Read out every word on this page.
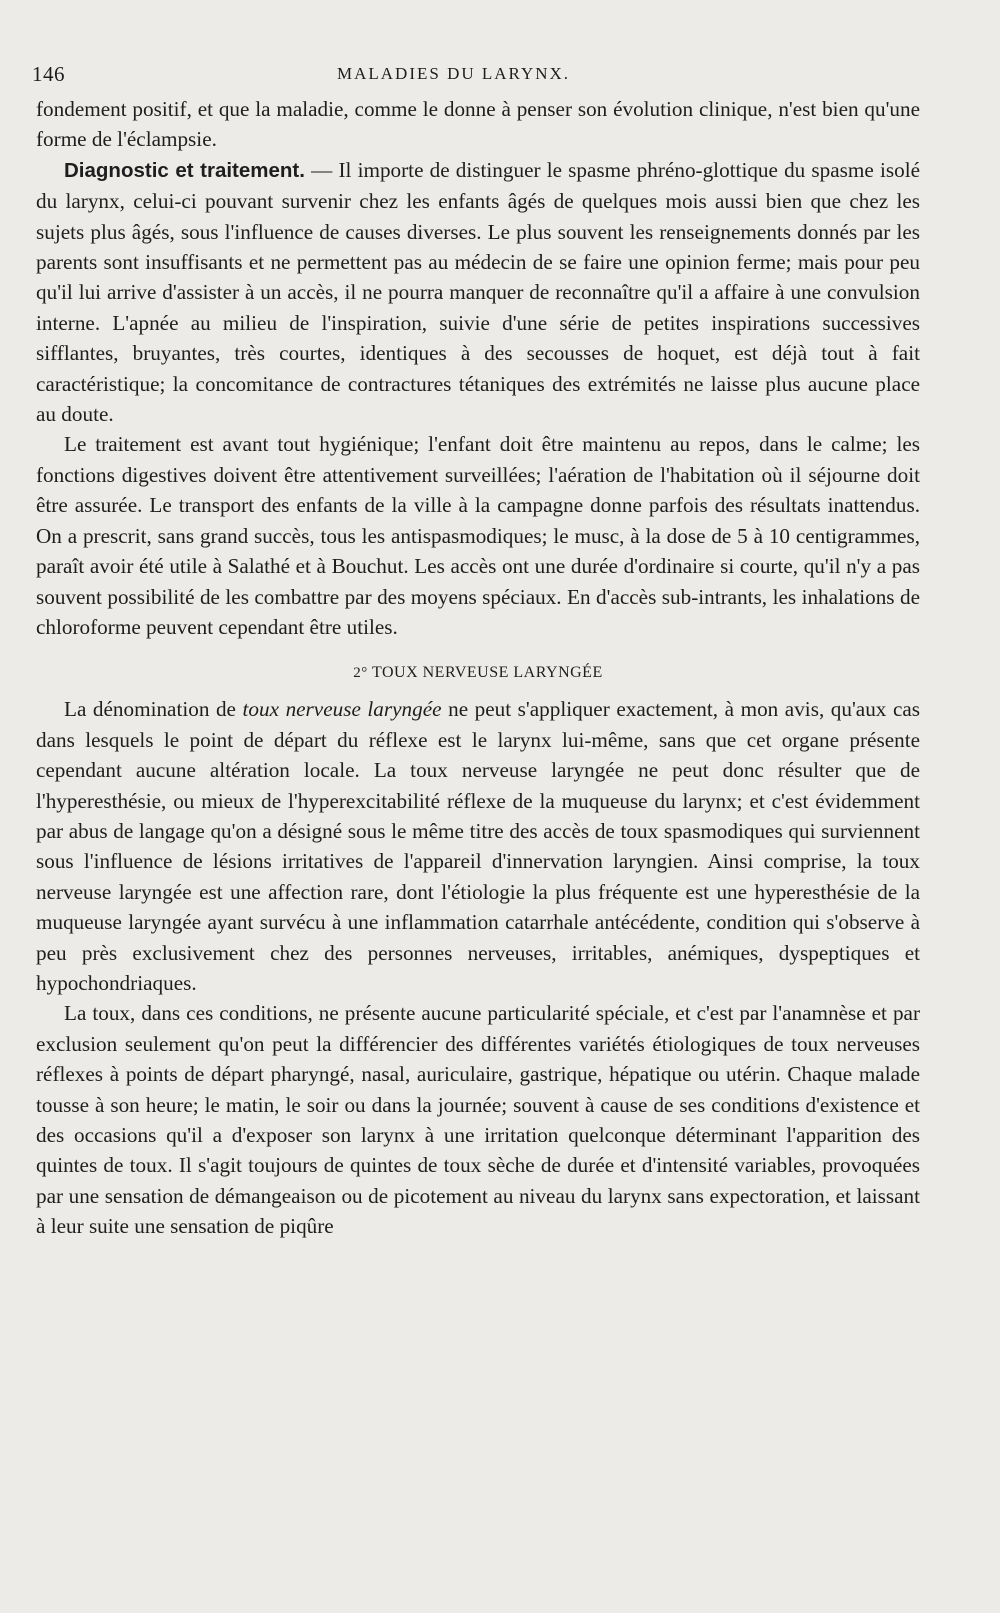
146	MALADIES DU LARYNX.

fondement positif, et que la maladie, comme le donne à penser son évolution clinique, n'est bien qu'une forme de l'éclampsie.

Diagnostic et traitement. — Il importe de distinguer le spasme phréno-glottique du spasme isolé du larynx, celui-ci pouvant survenir chez les enfants âgés de quelques mois aussi bien que chez les sujets plus âgés, sous l'influence de causes diverses. Le plus souvent les renseignements donnés par les parents sont insuffisants et ne permettent pas au médecin de se faire une opinion ferme; mais pour peu qu'il lui arrive d'assister à un accès, il ne pourra manquer de reconnaître qu'il a affaire à une convulsion interne. L'apnée au milieu de l'inspiration, suivie d'une série de petites inspirations successives sifflantes, bruyantes, très courtes, identiques à des secousses de hoquet, est déjà tout à fait caractéristique; la concomitance de contractures tétaniques des extrémités ne laisse plus aucune place au doute.

Le traitement est avant tout hygiénique; l'enfant doit être maintenu au repos, dans le calme; les fonctions digestives doivent être attentivement surveillées; l'aération de l'habitation où il séjourne doit être assurée. Le transport des enfants de la ville à la campagne donne parfois des résultats inattendus. On a prescrit, sans grand succès, tous les antispasmodiques; le musc, à la dose de 5 à 10 centigrammes, paraît avoir été utile à Salathé et à Bouchut. Les accès ont une durée d'ordinaire si courte, qu'il n'y a pas souvent possibilité de les combattre par des moyens spéciaux. En d'accès sub-intrants, les inhalations de chloroforme peuvent cependant être utiles.

2° TOUX NERVEUSE LARYNGÉE

La dénomination de toux nerveuse laryngée ne peut s'appliquer exactement, à mon avis, qu'aux cas dans lesquels le point de départ du réflexe est le larynx lui-même, sans que cet organe présente cependant aucune altération locale. La toux nerveuse laryngée ne peut donc résulter que de l'hyperesthésie, ou mieux de l'hyperexcitabilité réflexe de la muqueuse du larynx; et c'est évidemment par abus de langage qu'on a désigné sous le même titre des accès de toux spasmodiques qui surviennent sous l'influence de lésions irritatives de l'appareil d'innervation laryngien. Ainsi comprise, la toux nerveuse laryngée est une affection rare, dont l'étiologie la plus fréquente est une hyperesthésie de la muqueuse laryngée ayant survécu à une inflammation catarrhale antécédente, condition qui s'observe à peu près exclusivement chez des personnes nerveuses, irritables, anémiques, dyspeptiques et hypochondriaques.

La toux, dans ces conditions, ne présente aucune particularité spéciale, et c'est par l'anamnèse et par exclusion seulement qu'on peut la différencier des différentes variétés étiologiques de toux nerveuses réflexes à points de départ pharyngé, nasal, auriculaire, gastrique, hépatique ou utérin. Chaque malade tousse à son heure; le matin, le soir ou dans la journée; souvent à cause de ses conditions d'existence et des occasions qu'il a d'exposer son larynx à une irritation quelconque déterminant l'apparition des quintes de toux. Il s'agit toujours de quintes de toux sèche de durée et d'intensité variables, provoquées par une sensation de démangeaison ou de picotement au niveau du larynx sans expectoration, et laissant à leur suite une sensation de piqûre
